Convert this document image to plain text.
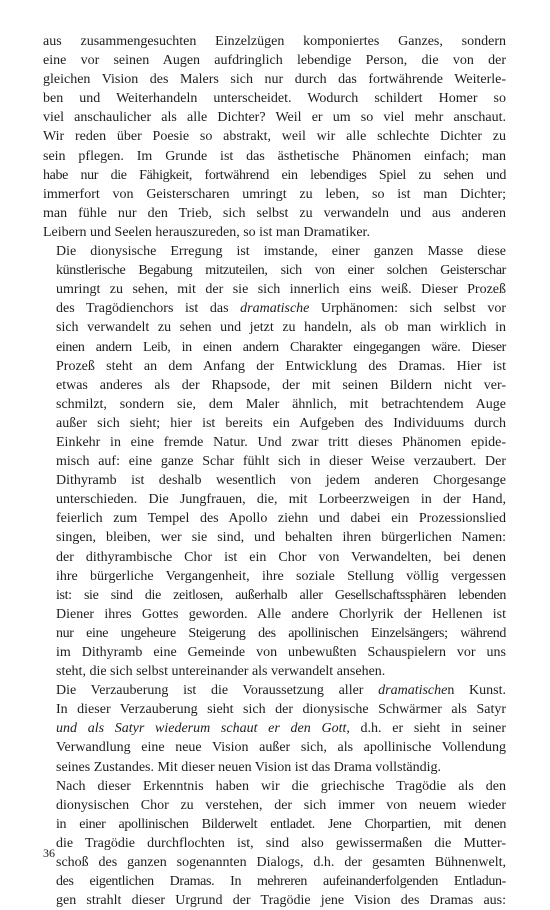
aus zusammengesuchten Einzelzügen komponiertes Ganzes, sondern
eine vor seinen Augen aufdringlich lebendige Person, die von der
gleichen Vision des Malers sich nur durch das fortwährende Weiterle-
ben und Weiterhandeln unterscheidet. Wodurch schildert Homer so
viel anschaulicher als alle Dichter? Weil er um so viel mehr anschaut.
Wir reden über Poesie so abstrakt, weil wir alle schlechte Dichter zu
sein pflegen. Im Grunde ist das ästhetische Phänomen einfach; man
habe nur die Fähigkeit, fortwährend ein lebendiges Spiel zu sehen und
immerfort von Geisterscharen umringt zu leben, so ist man Dichter;
man fühle nur den Trieb, sich selbst zu verwandeln und aus anderen
Leibern und Seelen herauszureden, so ist man Dramatiker.

Die dionysische Erregung ist imstande, einer ganzen Masse diese
künstlerische Begabung mitzuteilen, sich von einer solchen Geisterschar
umringt zu sehen, mit der sie sich innerlich eins weiß. Dieser Prozeß
des Tragödienchors ist das dramatische Urphänomen: sich selbst vor
sich verwandelt zu sehen und jetzt zu handeln, als ob man wirklich in
einen andern Leib, in einen andern Charakter eingegangen wäre. Dieser
Prozeß steht an dem Anfang der Entwicklung des Dramas. Hier ist
etwas anderes als der Rhapsode, der mit seinen Bildern nicht ver-
schmilzt, sondern sie, dem Maler ähnlich, mit betrachtendem Auge
außer sich sieht; hier ist bereits ein Aufgeben des Individuums durch
Einkehr in eine fremde Natur. Und zwar tritt dieses Phänomen epide-
misch auf: eine ganze Schar fühlt sich in dieser Weise verzaubert. Der
Dithyramb ist deshalb wesentlich von jedem anderen Chorgesange
unterschieden. Die Jungfrauen, die, mit Lorbeerzweigen in der Hand,
feierlich zum Tempel des Apollo ziehn und dabei ein Prozessionslied
singen, bleiben, wer sie sind, und behalten ihren bürgerlichen Namen:
der dithyrambische Chor ist ein Chor von Verwandelten, bei denen
ihre bürgerliche Vergangenheit, ihre soziale Stellung völlig vergessen
ist: sie sind die zeitlosen, außerhalb aller Gesellschaftssphären lebenden
Diener ihres Gottes geworden. Alle andere Chorlyrik der Hellenen ist
nur eine ungeheure Steigerung des apollinischen Einzelsängers; während
im Dithyramb eine Gemeinde von unbewußten Schauspielern vor uns
steht, die sich selbst untereinander als verwandelt ansehen.

Die Verzauberung ist die Voraussetzung aller dramatischen Kunst.
In dieser Verzauberung sieht sich der dionysische Schwärmer als Satyr
und als Satyr wiederum schaut er den Gott, d.h. er sieht in seiner
Verwandlung eine neue Vision außer sich, als apollinische Vollendung
seines Zustandes. Mit dieser neuen Vision ist das Drama vollständig.

Nach dieser Erkenntnis haben wir die griechische Tragödie als den
dionysischen Chor zu verstehen, der sich immer von neuem wieder
in einer apollinischen Bilderwelt entladet. Jene Chorpartien, mit denen
die Tragödie durchflochten ist, sind also gewissermaßen die Mutter-
schoß des ganzen sogenannten Dialogs, d.h. der gesamten Bühnenwelt,
des eigentlichen Dramas. In mehreren aufeinanderfolgenden Entladun-
gen strahlt dieser Urgrund der Tragödie jene Vision des Dramas aus:

36
